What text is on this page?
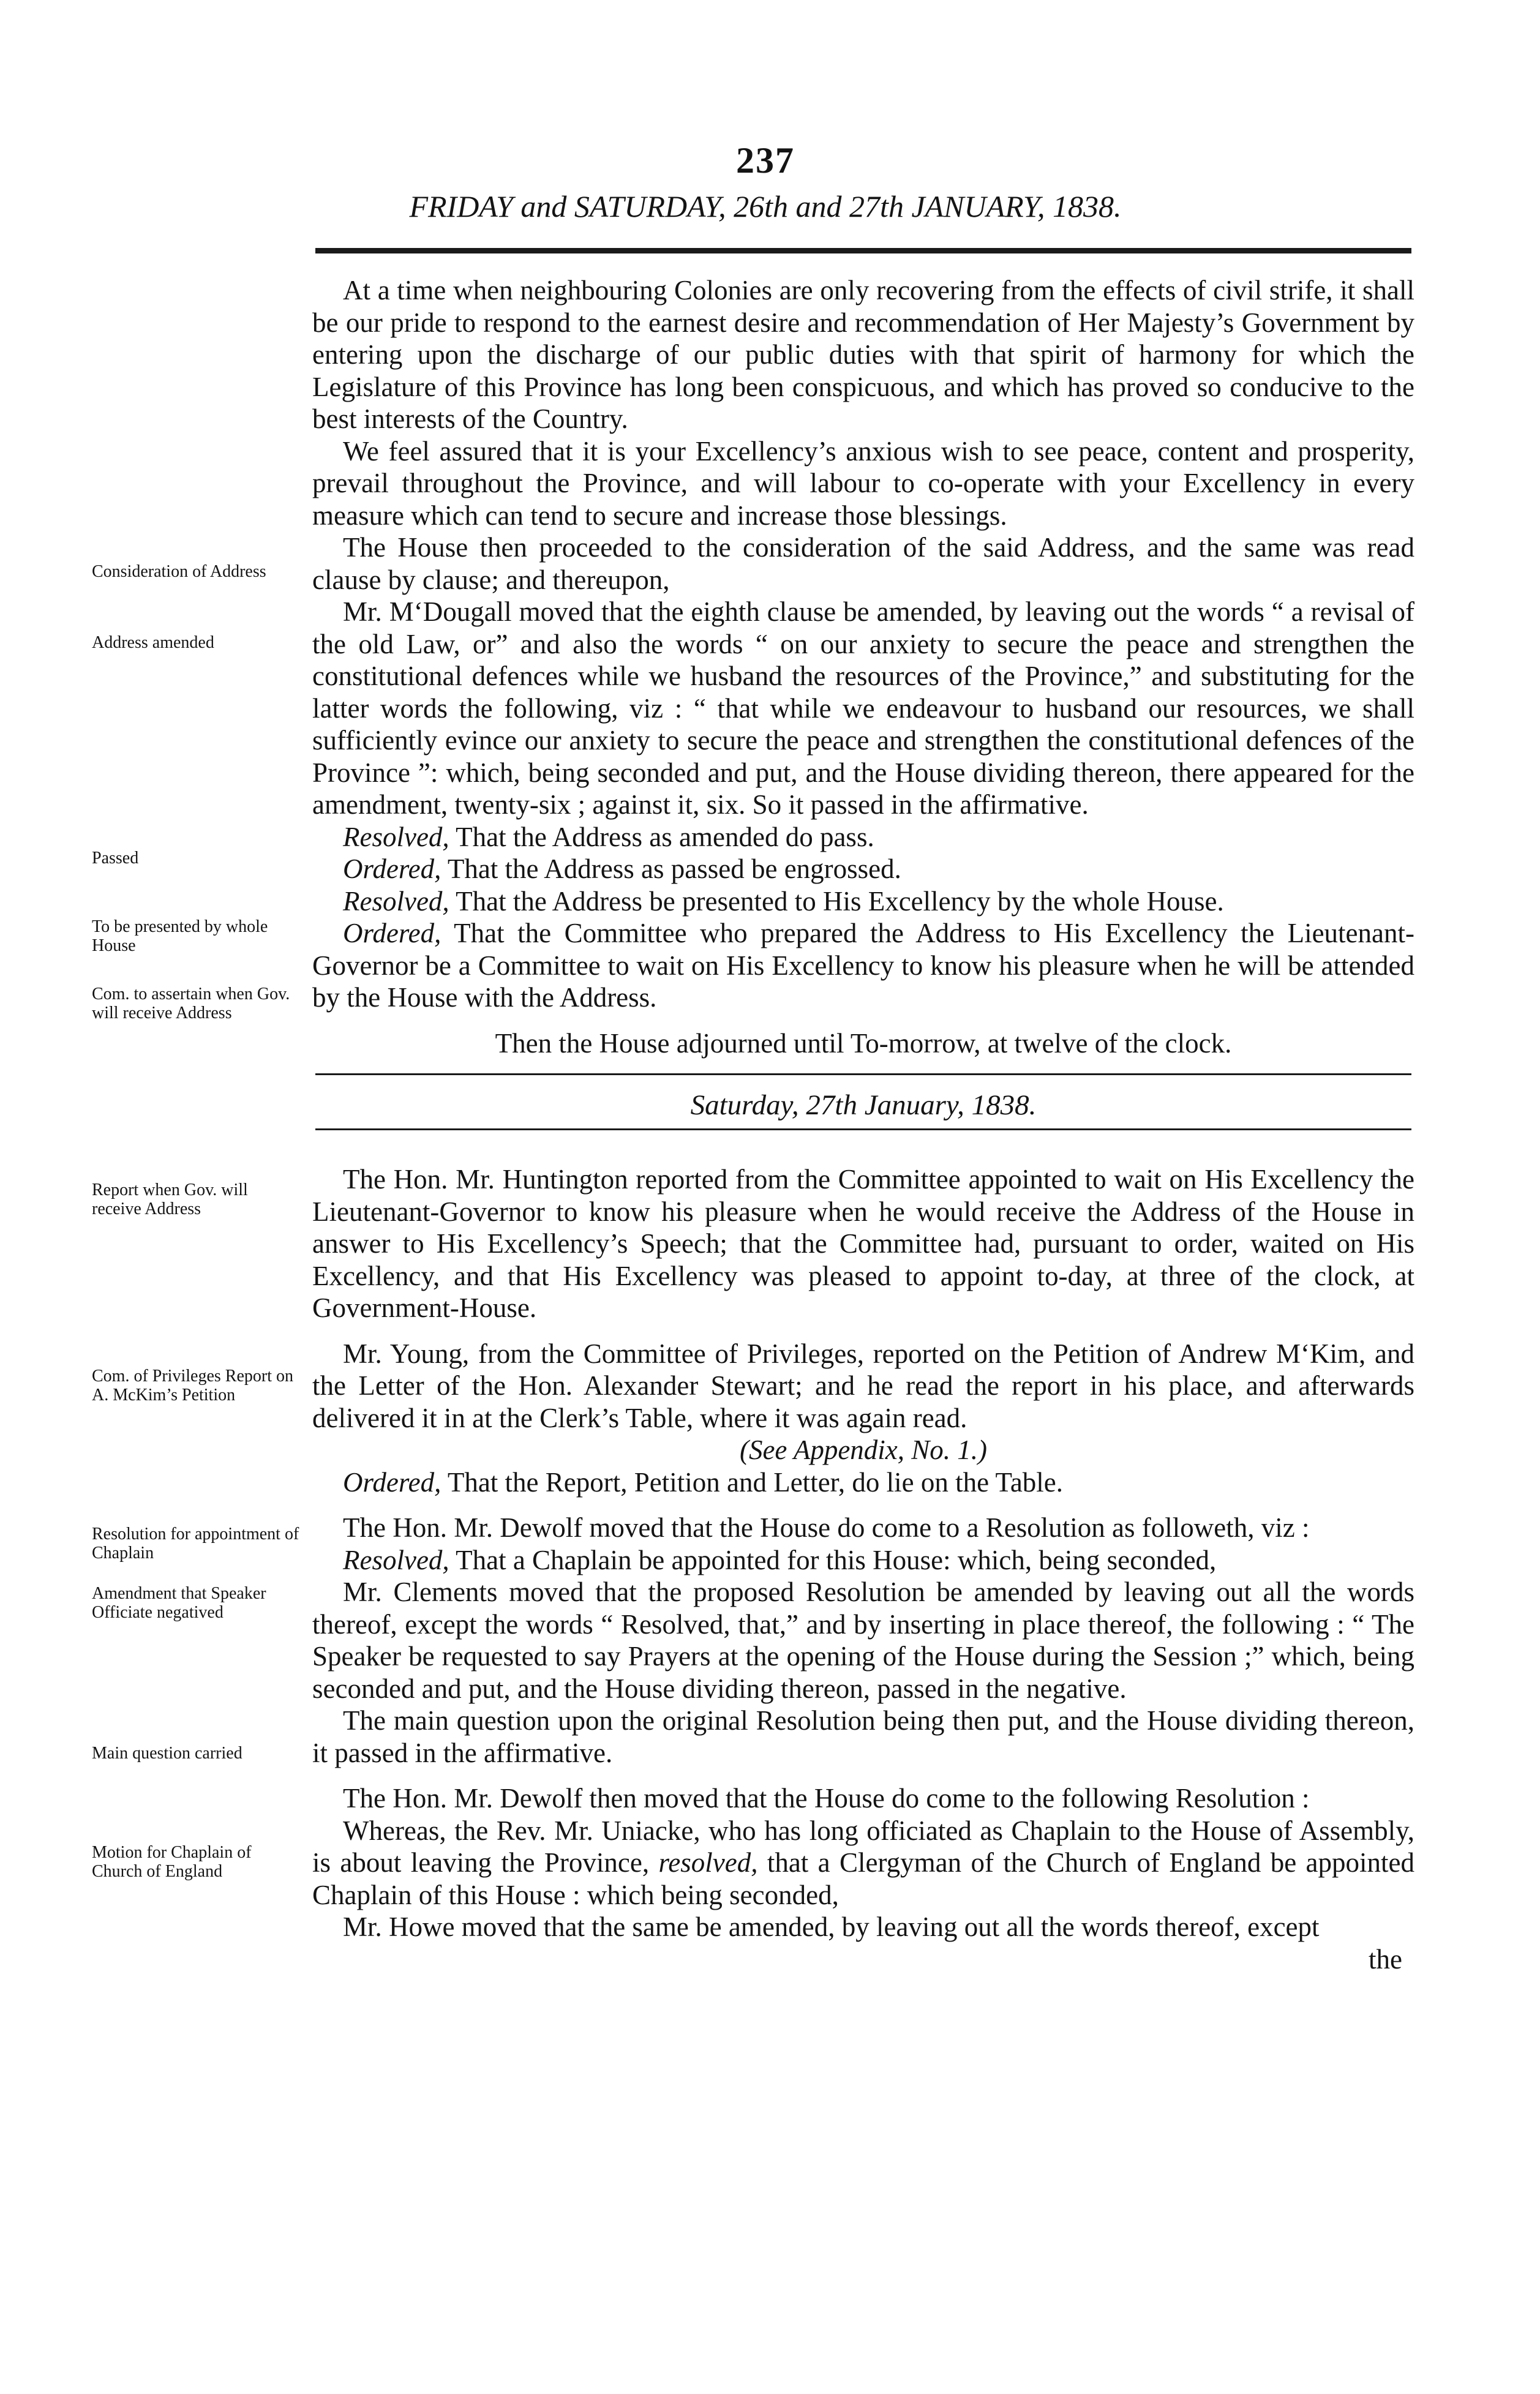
237
FRIDAY and SATURDAY, 26th and 27th JANUARY, 1838.

At a time when neighbouring Colonies are only recovering from the effects of civil strife, it shall be our pride to respond to the earnest desire and recommendation of Her Majesty’s Government by entering upon the discharge of our public duties with that spirit of harmony for which the Legislature of this Province has long been conspicuous, and which has proved so conducive to the best interests of the Country.

We feel assured that it is your Excellency’s anxious wish to see peace, content and prosperity, prevail throughout the Province, and will labour to co-operate with your Excellency in every measure which can tend to secure and increase those blessings.

The House then proceeded to the consideration of the said Address, and the same was read clause by clause; and thereupon,

Mr. M‘Dougall moved that the eighth clause be amended, by leaving out the words “ a revisal of the old Law, or” and also the words “ on our anxiety to secure the peace and strengthen the constitutional defences while we husband the resources of the Province,” and substituting for the latter words the following, viz : “ that while we endeavour to husband our resources, we shall sufficiently evince our anxiety to secure the peace and strengthen the constitutional defences of the Province ”: which, being seconded and put, and the House dividing thereon, there appeared for the amendment, twenty-six ; against it, six. So it passed in the affirmative.

Resolved, That the Address as amended do pass.

Ordered, That the Address as passed be engrossed.

Resolved, That the Address be presented to His Excellency by the whole House.

Ordered, That the Committee who prepared the Address to His Excellency the Lieutenant-Governor be a Committee to wait on His Excellency to know his pleasure when he will be attended by the House with the Address.

Then the House adjourned until To-morrow, at twelve of the clock.

Saturday, 27th January, 1838.

The Hon. Mr. Huntington reported from the Committee appointed to wait on His Excellency the Lieutenant-Governor to know his pleasure when he would receive the Address of the House in answer to His Excellency’s Speech; that the Committee had, pursuant to order, waited on His Excellency, and that His Excellency was pleased to appoint to-day, at three of the clock, at Government-House.

Mr. Young, from the Committee of Privileges, reported on the Petition of Andrew M‘Kim, and the Letter of the Hon. Alexander Stewart; and he read the report in his place, and afterwards delivered it in at the Clerk’s Table, where it was again read.

(See Appendix, No. 1.)

Ordered, That the Report, Petition and Letter, do lie on the Table.

The Hon. Mr. Dewolf moved that the House do come to a Resolution as followeth, viz :

Resolved, That a Chaplain be appointed for this House: which, being seconded,

Mr. Clements moved that the proposed Resolution be amended by leaving out all the words thereof, except the words “ Resolved, that,” and by inserting in place thereof, the following : “ The Speaker be requested to say Prayers at the opening of the House during the Session ;” which, being seconded and put, and the House dividing thereon, passed in the negative.

The main question upon the original Resolution being then put, and the House dividing thereon, it passed in the affirmative.

The Hon. Mr. Dewolf then moved that the House do come to the following Resolution :

Whereas, the Rev. Mr. Uniacke, who has long officiated as Chaplain to the House of Assembly, is about leaving the Province, resolved, that a Clergyman of the Church of England be appointed Chaplain of this House : which being seconded,

Mr. Howe moved that the same be amended, by leaving out all the words thereof, except

the

Consideration of Address
Address amended
Passed
To be presented by whole House
Com. to assertain when Gov. will receive Address
Report when Gov. will receive Address
Com. of Privileges Report on A. McKim’s Petition
Resolution for appointment of Chaplain
Amendment that Speaker Officiate negatived
Main question carried
Motion for Chaplain of Church of England
